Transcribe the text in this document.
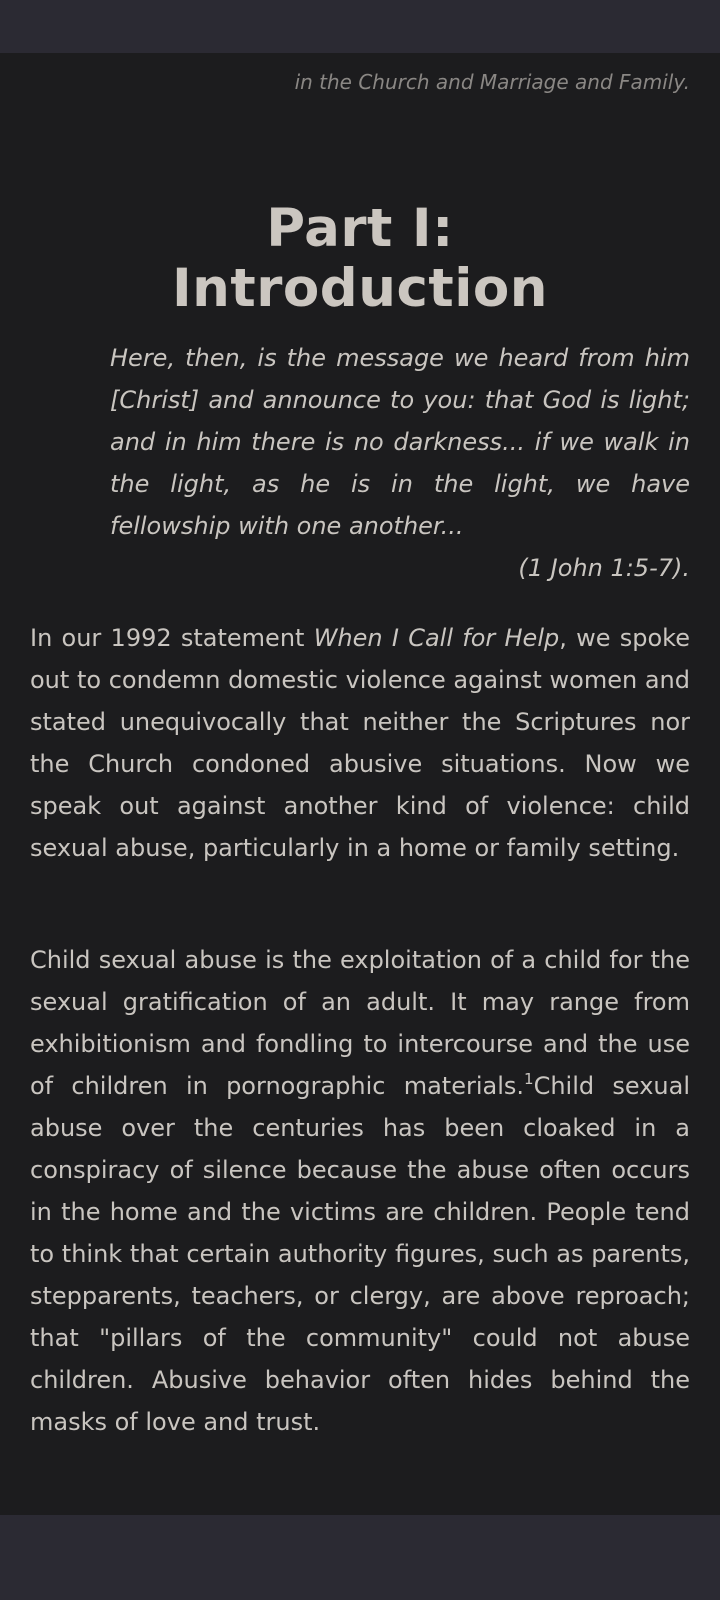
in the Church and Marriage and Family.
Part I:
Introduction
Here, then, is the message we heard from him [Christ] and announce to you: that God is light; and in him there is no darkness... if we walk in the light, as he is in the light, we have fellowship with one another...
(1 John 1:5-7).

In our 1992 statement When I Call for Help, we spoke out to condemn domestic violence against women and stated unequivocally that neither the Scriptures nor the Church condoned abusive situations. Now we speak out against another kind of violence: child sexual abuse, particularly in a home or family setting.

Child sexual abuse is the exploitation of a child for the sexual gratification of an adult. It may range from exhibitionism and fondling to intercourse and the use of children in pornographic materials.$^1$Child sexual abuse over the centuries has been cloaked in a conspiracy of silence because the abuse often occurs in the home and the victims are children. People tend to think that certain authority figures, such as parents, stepparents, teachers, or clergy, are above reproach; that "pillars of the community" could not abuse children. Abusive behavior often hides behind the masks of love and trust.
